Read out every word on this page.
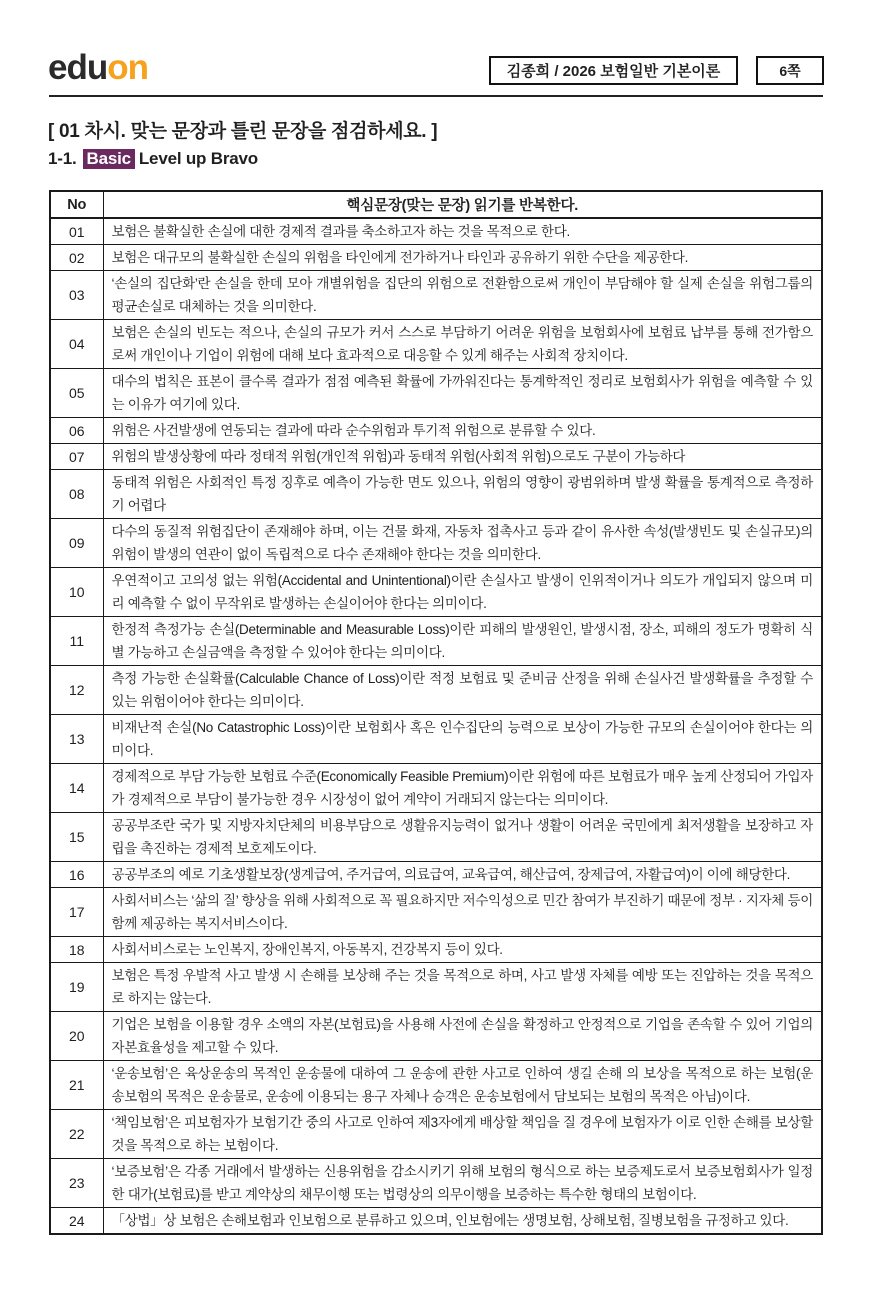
eduon	김종희 / 2026 보험일반 기본이론	6쪽
[ 01 차시. 맞는 문장과 틀린 문장을 점검하세요. ]
1-1. Basic Level up Bravo
No	핵심문장(맞는 문장) 읽기를 반복한다.
01	보험은 불확실한 손실에 대한 경제적 결과를 축소하고자 하는 것을 목적으로 한다.
02	보험은 대규모의 불확실한 손실의 위험을 타인에게 전가하거나 타인과 공유하기 위한 수단을 제공한다.
03	‘손실의 집단화’란 손실을 한데 모아 개별위험을 집단의 위험으로 전환함으로써 개인이 부담해야 할 실제 손실을 위험그룹의 평균손실로 대체하는 것을 의미한다.
04	보험은 손실의 빈도는 적으나, 손실의 규모가 커서 스스로 부담하기 어려운 위험을 보험회사에 보험료 납부를 통해 전가함으로써 개인이나 기업이 위험에 대해 보다 효과적으로 대응할 수 있게 해주는 사회적 장치이다.
05	대수의 법칙은 표본이 클수록 결과가 점점 예측된 확률에 가까워진다는 통계학적인 정리로 보험회사가 위험을 예측할 수 있는 이유가 여기에 있다.
06	위험은 사건발생에 연동되는 결과에 따라 순수위험과 투기적 위험으로 분류할 수 있다.
07	위험의 발생상황에 따라 정태적 위험(개인적 위험)과 동태적 위험(사회적 위험)으로도 구분이 가능하다
08	동태적 위험은 사회적인 특정 징후로 예측이 가능한 면도 있으나, 위험의 영향이 광범위하며 발생 확률을 통계적으로 측정하기 어렵다
09	다수의 동질적 위험집단이 존재해야 하며, 이는 건물 화재, 자동차 접촉사고 등과 같이 유사한 속성(발생빈도 및 손실규모)의 위험이 발생의 연관이 없이 독립적으로 다수 존재해야 한다는 것을 의미한다.
10	우연적이고 고의성 없는 위험(Accidental and Unintentional)이란 손실사고 발생이 인위적이거나 의도가 개입되지 않으며 미리 예측할 수 없이 무작위로 발생하는 손실이어야 한다는 의미이다.
11	한정적 측정가능 손실(Determinable and Measurable Loss)이란 피해의 발생원인, 발생시점, 장소, 피해의 정도가 명확히 식별 가능하고 손실금액을 측정할 수 있어야 한다는 의미이다.
12	측정 가능한 손실확률(Calculable Chance of Loss)이란 적정 보험료 및 준비금 산정을 위해 손실사건 발생확률을 추정할 수 있는 위험이어야 한다는 의미이다.
13	비재난적 손실(No Catastrophic Loss)이란 보험회사 혹은 인수집단의 능력으로 보상이 가능한 규모의 손실이어야 한다는 의미이다.
14	경제적으로 부담 가능한 보험료 수준(Economically Feasible Premium)이란 위험에 따른 보험료가 매우 높게 산정되어 가입자가 경제적으로 부담이 불가능한 경우 시장성이 없어 계약이 거래되지 않는다는 의미이다.
15	공공부조란 국가 및 지방자치단체의 비용부담으로 생활유지능력이 없거나 생활이 어려운 국민에게 최저생활을 보장하고 자립을 촉진하는 경제적 보호제도이다.
16	공공부조의 예로 기초생활보장(생계급여, 주거급여, 의료급여, 교육급여, 해산급여, 장제급여, 자활급여)이 이에 해당한다.
17	사회서비스는 ‘삶의 질’ 향상을 위해 사회적으로 꼭 필요하지만 저수익성으로 민간 참여가 부진하기 때문에 정부 · 지자체 등이 함께 제공하는 복지서비스이다.
18	사회서비스로는 노인복지, 장애인복지, 아동복지, 건강복지 등이 있다.
19	보험은 특정 우발적 사고 발생 시 손해를 보상해 주는 것을 목적으로 하며, 사고 발생 자체를 예방 또는 진압하는 것을 목적으로 하지는 않는다.
20	기업은 보험을 이용할 경우 소액의 자본(보험료)을 사용해 사전에 손실을 확정하고 안정적으로 기업을 존속할 수 있어 기업의 자본효율성을 제고할 수 있다.
21	‘운송보험’은 육상운송의 목적인 운송물에 대하여 그 운송에 관한 사고로 인하여 생길 손해 의 보상을 목적으로 하는 보험(운송보험의 목적은 운송물로, 운송에 이용되는 용구 자체나 승객은 운송보험에서 담보되는 보험의 목적은 아님)이다.
22	‘책임보험’은 피보험자가 보험기간 중의 사고로 인하여 제3자에게 배상할 책임을 질 경우에 보험자가 이로 인한 손해를 보상할 것을 목적으로 하는 보험이다.
23	‘보증보험’은 각종 거래에서 발생하는 신용위험을 감소시키기 위해 보험의 형식으로 하는 보증제도로서 보증보험회사가 일정한 대가(보험료)를 받고 계약상의 채무이행 또는 법령상의 의무이행을 보증하는 특수한 형태의 보험이다.
24	「상법」상 보험은 손해보험과 인보험으로 분류하고 있으며, 인보험에는 생명보험, 상해보험, 질병보험을 규정하고 있다.
